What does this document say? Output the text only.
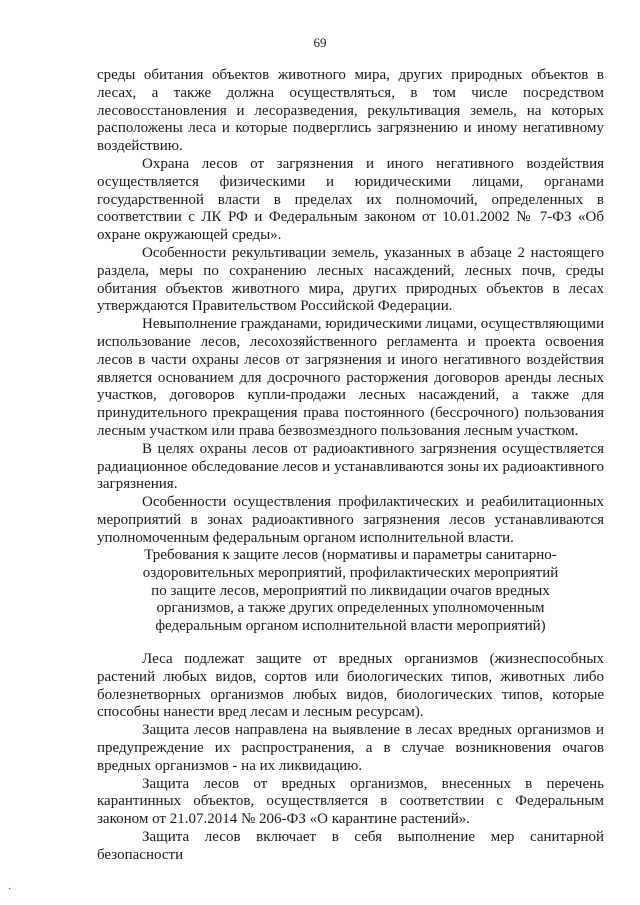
69

среды обитания объектов животного мира, других природных объектов в лесах, а также должна осуществляться, в том числе посредством лесовосстановления и лесоразведения, рекультивация земель, на которых расположены леса и которые подверглись загрязнению и иному негативному воздействию.

Охрана лесов от загрязнения и иного негативного воздействия осуществляется физическими и юридическими лицами, органами государственной власти в пределах их полномочий, определенных в соответствии с ЛК РФ и Федеральным законом от 10.01.2002 № 7-ФЗ «Об охране окружающей среды».

Особенности рекультивации земель, указанных в абзаце 2 настоящего раздела, меры по сохранению лесных насаждений, лесных почв, среды обитания объектов животного мира, других природных объектов в лесах утверждаются Правительством Российской Федерации.

Невыполнение гражданами, юридическими лицами, осуществляющими использование лесов, лесохозяйственного регламента и проекта освоения лесов в части охраны лесов от загрязнения и иного негативного воздействия является основанием для досрочного расторжения договоров аренды лесных участков, договоров купли-продажи лесных насаждений, а также для принудительного прекращения права постоянного (бессрочного) пользования лесным участком или права безвозмездного пользования лесным участком.

В целях охраны лесов от радиоактивного загрязнения осуществляется радиационное обследование лесов и устанавливаются зоны их радиоактивного загрязнения.

Особенности осуществления профилактических и реабилитационных мероприятий в зонах радиоактивного загрязнения лесов устанавливаются уполномоченным федеральным органом исполнительной власти.

Требования к защите лесов (нормативы и параметры санитарно-
оздоровительных мероприятий, профилактических мероприятий
по защите лесов, мероприятий по ликвидации очагов вредных
организмов, а также других определенных уполномоченным
федеральным органом исполнительной власти мероприятий)

Леса подлежат защите от вредных организмов (жизнеспособных растений любых видов, сортов или биологических типов, животных либо болезнетворных организмов любых видов, биологических типов, которые способны нанести вред лесам и лесным ресурсам).

Защита лесов направлена на выявление в лесах вредных организмов и предупреждение их распространения, а в случае возникновения очагов вредных организмов - на их ликвидацию.

Защита лесов от вредных организмов, внесенных в перечень карантинных объектов, осуществляется в соответствии с Федеральным законом от 21.07.2014 № 206-ФЗ «О карантине растений».

Защита лесов включает в себя выполнение мер санитарной безопасности

·
